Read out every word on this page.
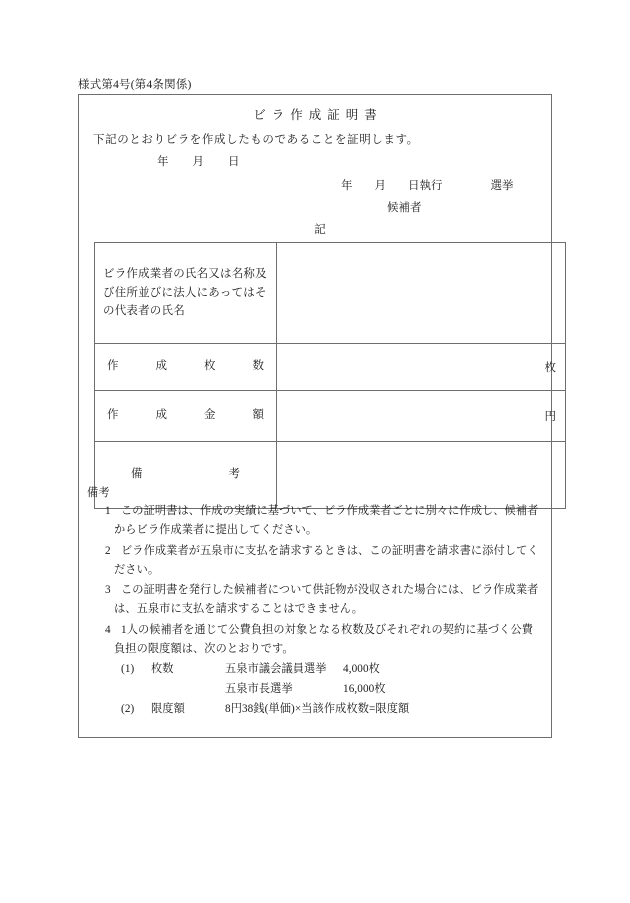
様式第4号(第4条関係)
ビラ作成証明書
下記のとおりビラを作成したものであることを証明します。
年 月 日
年 月 日執行	選挙
候補者
記
ビラ作成業者の氏名又は名称及び住所並びに法人にあってはその代表者の氏名	

作 成 枚 数	枚

作 成 金 額	円

備 考	

備考
1 この証明書は、作成の実績に基づいて、ビラ作成業者ごとに別々に作成し、候補者
からビラ作成業者に提出してください。
2 ビラ作成業者が五泉市に支払を請求するときは、この証明書を請求書に添付してく
ださい。
3 この証明書を発行した候補者について供託物が没収された場合には、ビラ作成業者
は、五泉市に支払を請求することはできません。
4 1人の候補者を通じて公費負担の対象となる枚数及びそれぞれの契約に基づく公費
負担の限度額は、次のとおりです。
(1) 枚数	五泉市議会議員選挙 4,000枚
五泉市長選挙	16,000枚
(2) 限度額	8円38銭(単価)×当該作成枚数=限度額
